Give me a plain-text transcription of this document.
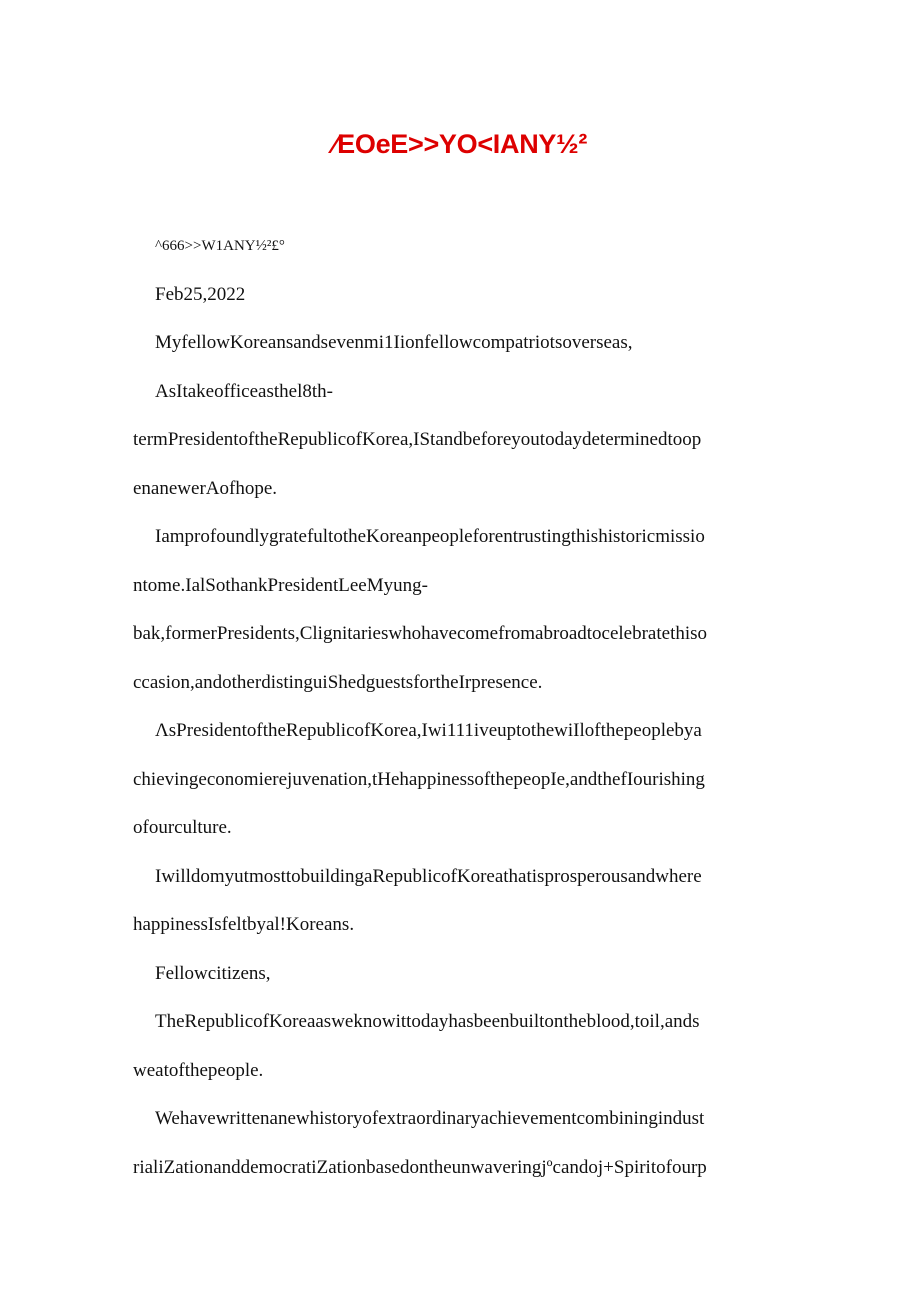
∕EOeE>>YO<IANY½²

^666>>W1ANY½²£°

Feb25,2022

MyfellowKoreansandsevenmi1Iionfellowcompatriotsoverseas,

AsItakeofficeasthel8th-

termPresidentoftheRepublicofKorea,IStandbeforeyoutodaydeterminedtoop

enanewerAofhope.

IamprofoundlygratefultotheKoreanpeopleforentrustingthishistoricmissio

ntome.IalSothankPresidentLeeMyung-

bak,formerPresidents,Clignitarieswhohavecomefromabroadtocelebratethiso

ccasion,andotherdistinguiShedguestsfortheIrpresence.

ΛsPresidentoftheRepublicofKorea,Iwi111iveuptothewiIlofthepeoplebya

chievingeconomierejuvenation,tHehappinessofthepeopIe,andthefIourishing

ofourculture.

IwilldomyutmosttobuildingaRepublicofKoreathatisprosperousandwhere

happinessIsfeltbyal!Koreans.

Fellowcitizens,

TheRepublicofKoreaasweknowittodayhasbeenbuiltontheblood,toil,ands

weatofthepeople.

Wehavewrittenanewhistoryofextraordinaryachievementcombiningindust

rialiZationanddemocratiZationbasedontheunwaveringjºcandoj+Spiritofourp
